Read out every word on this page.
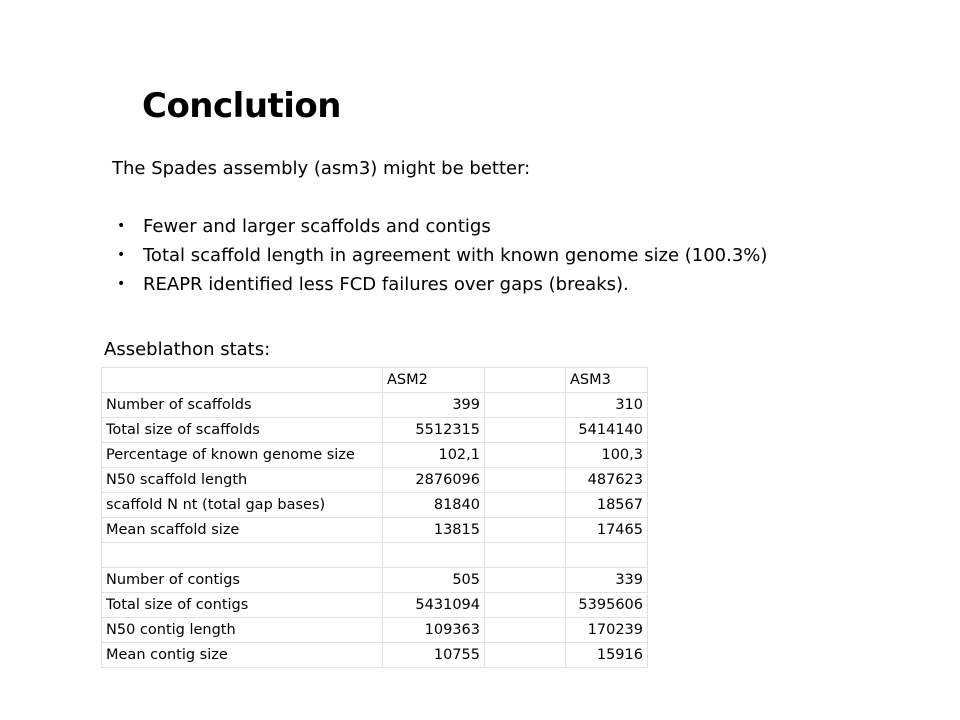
Conclution
The Spades assembly (asm3) might be better:
• Fewer and larger scaffolds and contigs
• Total scaffold length in agreement with known genome size (100.3%)
• REAPR identified less FCD failures over gaps (breaks).
Asseblathon stats:
	ASM2		ASM3
Number of scaffolds	399		310
Total size of scaffolds	5512315		5414140
Percentage of known genome size	102,1		100,3
N50 scaffold length	2876096		487623
scaffold N nt (total gap bases)	81840		18567
Mean scaffold size	13815		17465

Number of contigs	505		339
Total size of contigs	5431094		5395606
N50 contig length	109363		170239
Mean contig size	10755		15916
